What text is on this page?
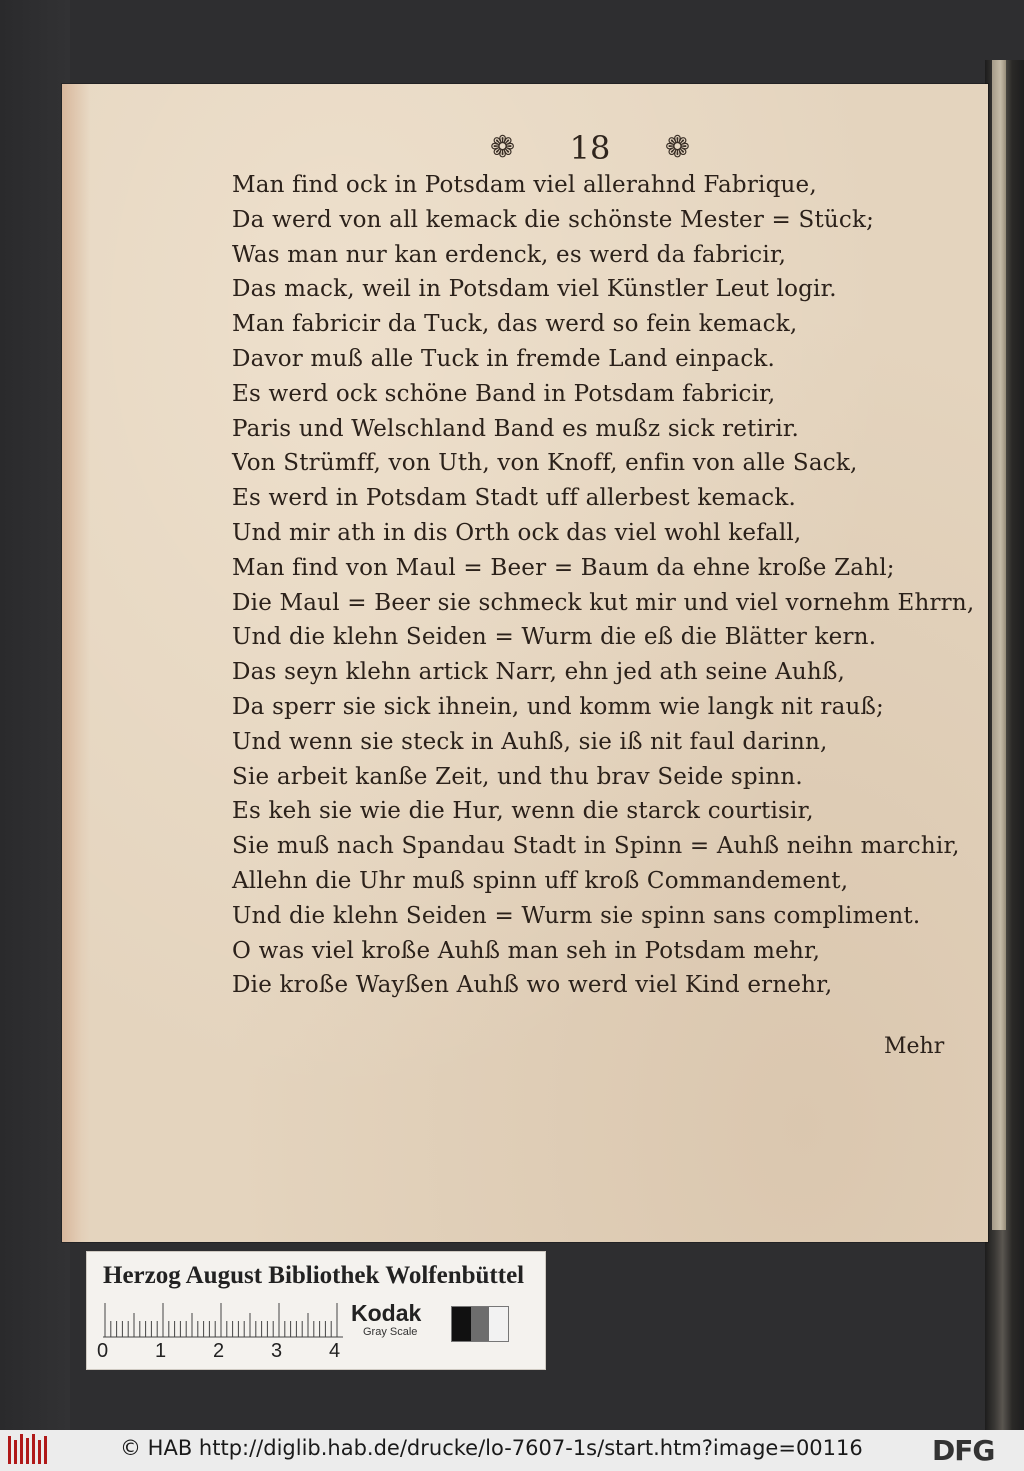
❁ 18 ❁
Man find ock in Potsdam viel allerahnd Fabrique,
Da werd von all kemack die schönste Mester = Stück;
Was man nur kan erdenck, es werd da fabricir,
Das mack, weil in Potsdam viel Künstler Leut logir.
Man fabricir da Tuck, das werd so fein kemack,
Davor muß alle Tuck in fremde Land einpack.
Es werd ock schöne Band in Potsdam fabricir,
Paris und Welschland Band es mußz sick retirir.
Von Strümff, von Uth, von Knoff, enfin von alle Sack,
Es werd in Potsdam Stadt uff allerbest kemack.
Und mir ath in dis Orth ock das viel wohl kefall,
Man find von Maul = Beer = Baum da ehne kroße Zahl;
Die Maul = Beer sie schmeck kut mir und viel vornehm Ehrrn,
Und die klehn Seiden = Wurm die eß die Blätter kern.
Das seyn klehn artick Narr, ehn jed ath seine Auhß,
Da sperr sie sick ihnein, und komm wie langk nit rauß;
Und wenn sie steck in Auhß, sie iß nit faul darinn,
Sie arbeit kanße Zeit, und thu brav Seide spinn.
Es keh sie wie die Hur, wenn die starck courtisir,
Sie muß nach Spandau Stadt in Spinn = Auhß neihn marchir,
Allehn die Uhr muß spinn uff kroß Commandement,
Und die klehn Seiden = Wurm sie spinn sans compliment.
O was viel kroße Auhß man seh in Potsdam mehr,
Die kroße Wayßen Auhß wo werd viel Kind ernehr,
Mehr
Herzog August Bibliothek Wolfenbüttel
0 1 2 3 4
Kodak
Gray Scale
© HAB http://diglib.hab.de/drucke/lo-7607-1s/start.htm?image=00116 DFG
